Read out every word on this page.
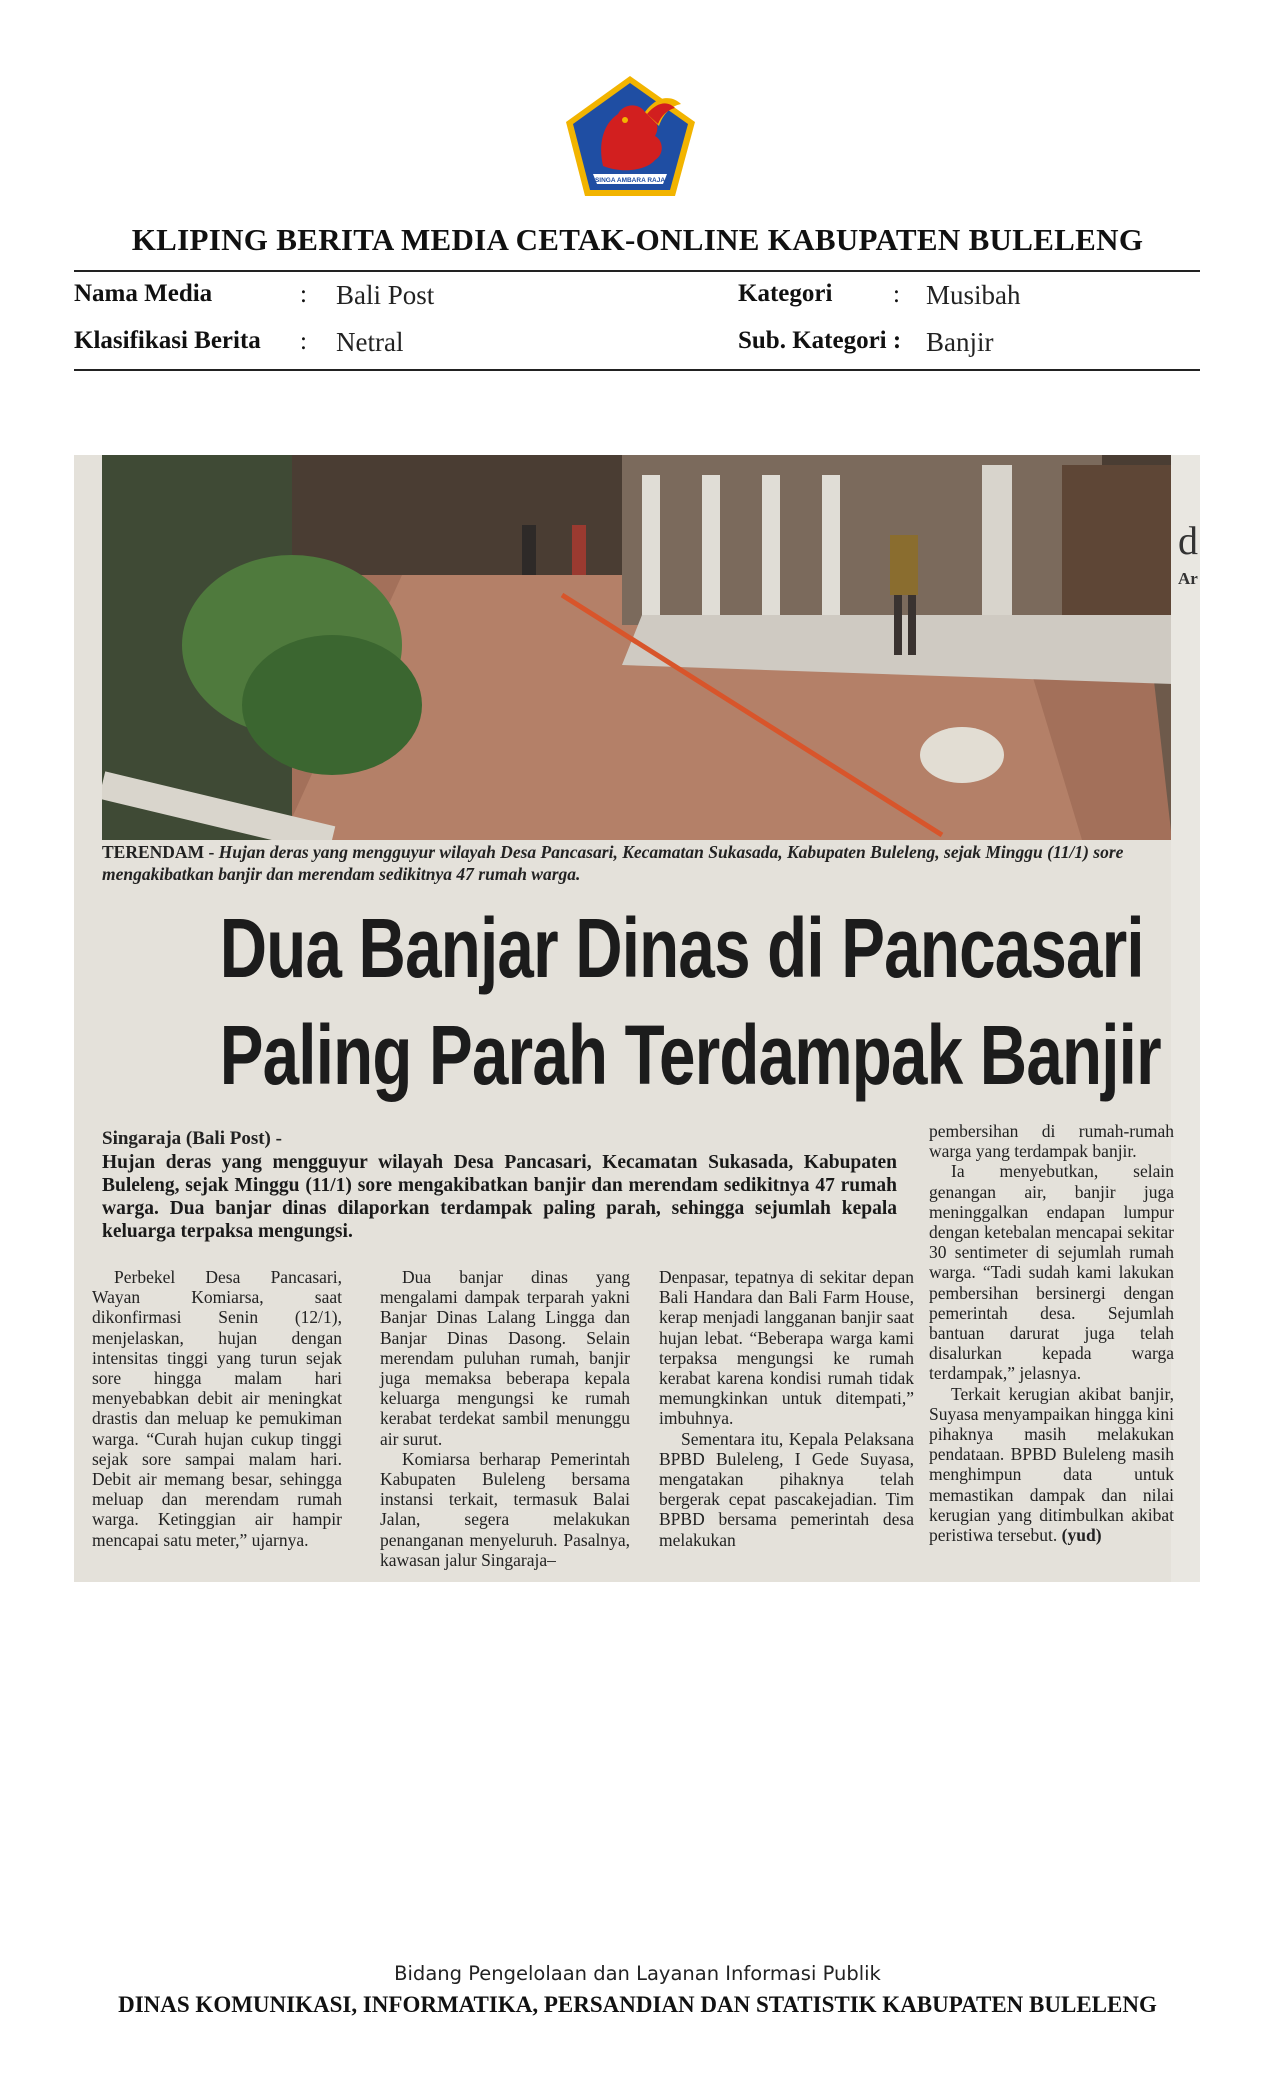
SINGA AMBARA RAJA
KLIPING BERITA MEDIA CETAK-ONLINE KABUPATEN BULELENG
Nama Media	: Bali Post
Klasifikasi Berita : Netral
Kategori : Musibah
Sub. Kategori : Banjir
d
Ar
TERENDAM - Hujan deras yang mengguyur wilayah Desa Pancasari, Kecamatan Sukasada, Kabupaten Buleleng, sejak Minggu (11/1) sore mengakibatkan banjir dan merendam sedikitnya 47 rumah warga.
Dua Banjar Dinas di Pancasari
Paling Parah Terdampak Banjir
Singaraja (Bali Post) -
Hujan deras yang mengguyur wilayah Desa Pancasari, Kecamatan Sukasada, Kabupaten Buleleng, sejak Minggu (11/1) sore mengakibatkan banjir dan merendam sedikitnya 47 rumah warga. Dua banjar dinas dilaporkan terdampak paling parah, sehingga sejumlah kepala keluarga terpaksa mengungsi.

Perbekel Desa Pancasari, Wayan Komiarsa, saat dikonfirmasi Senin (12/1), menjelaskan, hujan dengan intensitas tinggi yang turun sejak sore hingga malam hari menyebabkan debit air meningkat drastis dan meluap ke pemukiman warga. “Curah hujan cukup tinggi sejak sore sampai malam hari. Debit air memang besar, sehingga meluap dan merendam rumah warga. Ketinggian air hampir mencapai satu meter,” ujarnya.

Dua banjar dinas yang mengalami dampak terparah yakni Banjar Dinas Lalang Lingga dan Banjar Dinas Dasong. Selain merendam puluhan rumah, banjir juga memaksa beberapa kepala keluarga mengungsi ke rumah kerabat terdekat sambil menunggu air surut.

Komiarsa berharap Pemerintah Kabupaten Buleleng bersama instansi terkait, termasuk Balai Jalan, segera melakukan penanganan menyeluruh. Pasalnya, kawasan jalur Singaraja–

Denpasar, tepatnya di sekitar depan Bali Handara dan Bali Farm House, kerap menjadi langganan banjir saat hujan lebat. “Beberapa warga kami terpaksa mengungsi ke rumah kerabat karena kondisi rumah tidak memungkinkan untuk ditempati,” imbuhnya.

Sementara itu, Kepala Pelaksana BPBD Buleleng, I Gede Suyasa, mengatakan pihaknya telah bergerak cepat pascakejadian. Tim BPBD bersama pemerintah desa melakukan

pembersihan di rumah-rumah warga yang terdampak banjir.

Ia menyebutkan, selain genangan air, banjir juga meninggalkan endapan lumpur dengan ketebalan mencapai sekitar 30 sentimeter di sejumlah rumah warga. “Tadi sudah kami lakukan pembersihan bersinergi dengan pemerintah desa. Sejumlah bantuan darurat juga telah disalurkan kepada warga terdampak,” jelasnya.

Terkait kerugian akibat banjir, Suyasa menyampaikan hingga kini pihaknya masih melakukan pendataan. BPBD Buleleng masih menghimpun data untuk memastikan dampak dan nilai kerugian yang ditimbulkan akibat peristiwa tersebut. (yud)

Bidang Pengelolaan dan Layanan Informasi Publik
DINAS KOMUNIKASI, INFORMATIKA, PERSANDIAN DAN STATISTIK KABUPATEN BULELENG
